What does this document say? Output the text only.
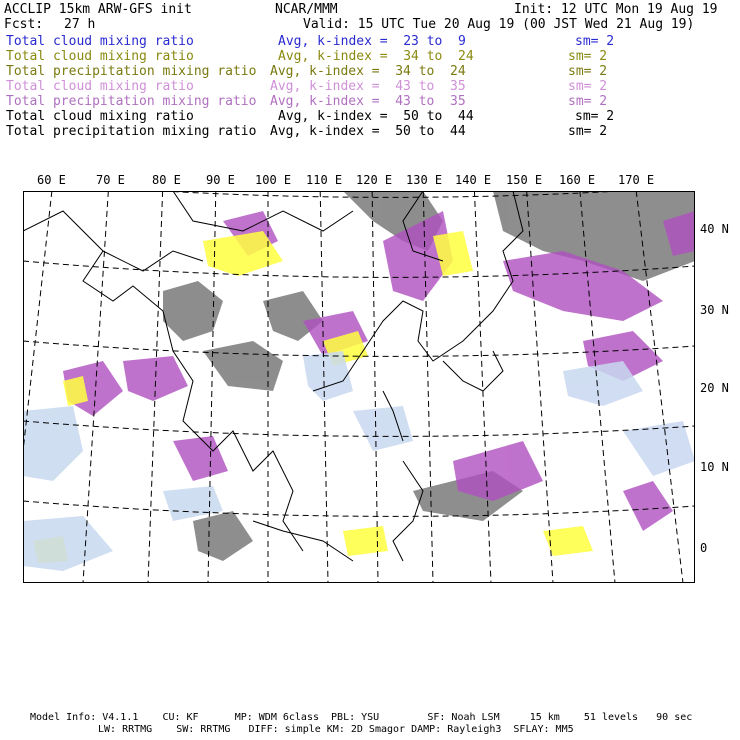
ACCLIP 15km ARW-GFS init	NCAR/MMM	Init: 12 UTC Mon 19 Aug 19
Fcst: 27 h	Valid: 15 UTC Tue 20 Aug 19 (00 JST Wed 21 Aug 19)
Total cloud mixing ratio	Avg, k-index =  23 to  9	sm= 2
Total cloud mixing ratio	Avg, k-index =  34 to  24	sm= 2
Total precipitation mixing ratio Avg, k-index =  34 to  24	sm= 2
Total cloud mixing ratio	Avg, k-index =  43 to  35	sm= 2
Total precipitation mixing ratio Avg, k-index =  43 to  35	sm= 2
Total cloud mixing ratio	Avg, k-index =  50 to  44	sm= 2
Total precipitation mixing ratio Avg, k-index =  50 to  44	sm= 2
60 E	70 E 80 E 90 E 100 E 110 E 120 E 130 E 140 E 150 E 160 E 170 E
40 N
30 N
20 N
10 N
0
Model Info: V4.1.1    CU: KF      MP: WDM 6class  PBL: YSU        SF: Noah LSM     15 km    51 levels   90 sec
LW: RRTMG    SW: RRTMG   DIFF: simple KM: 2D Smagor DAMP: Rayleigh3  SFLAY: MM5
